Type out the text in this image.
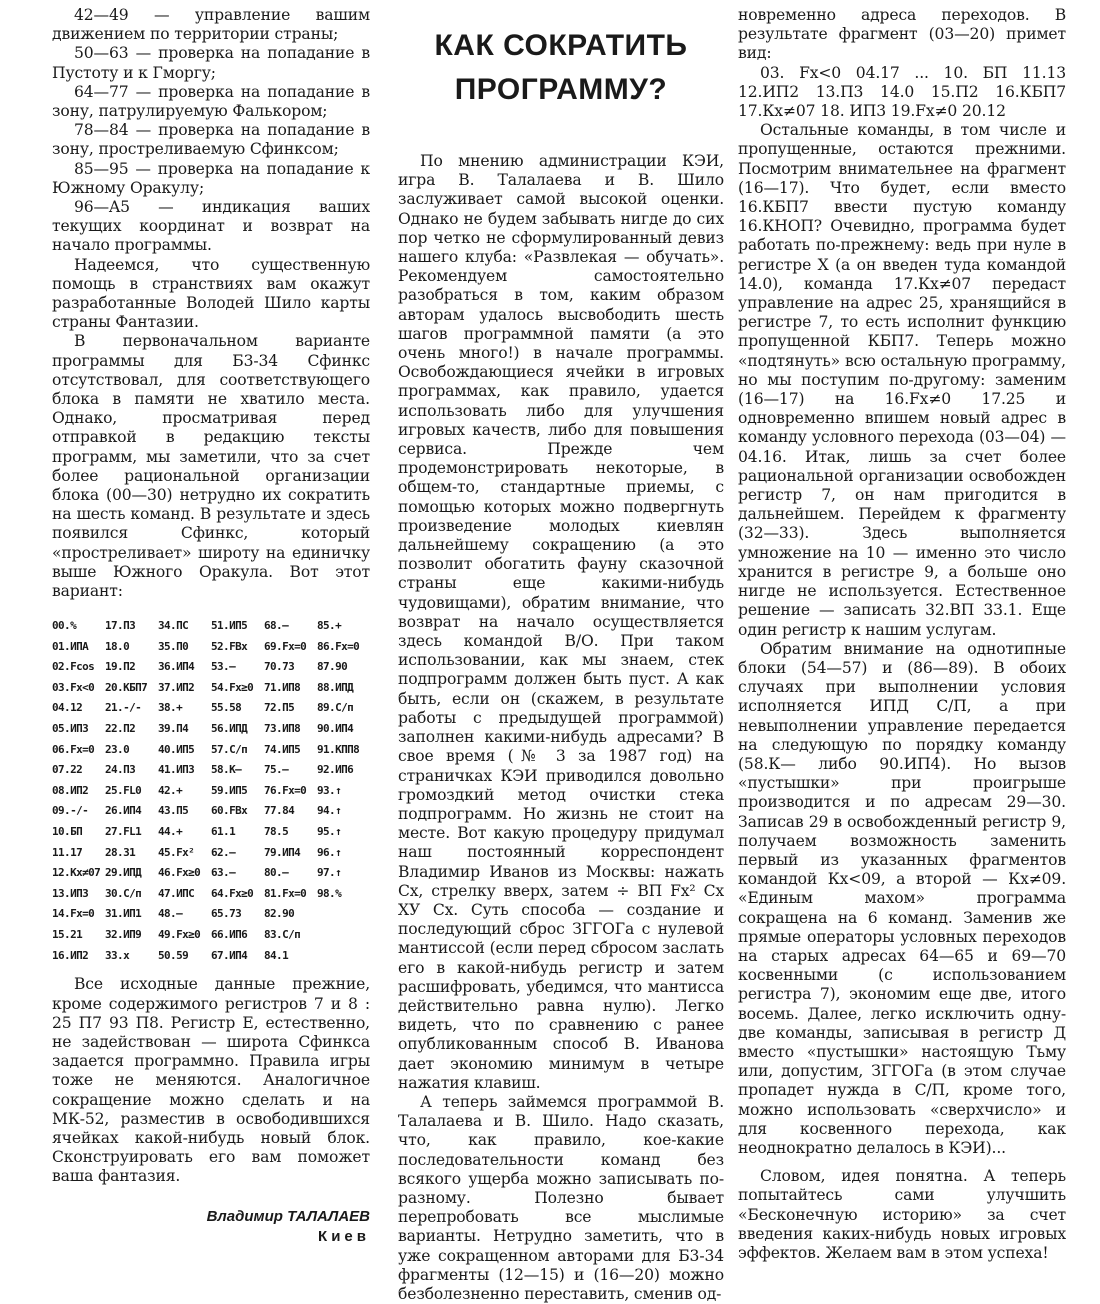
42—49 — управление вашим движением по территории страны;

50—63 — проверка на попадание в Пустоту и к Гморгу;

64—77 — проверка на попадание в зону, патрулируемую Фалькором;

78—84 — проверка на попадание в зону, простреливаемую Сфинксом;

85—95 — проверка на попадание к Южному Оракулу;

96—A5 — индикация ваших текущих координат и возврат на начало программы.

Надеемся, что существенную помощь в странствиях вам окажут разработанные Володей Шило карты страны Фантазии.

В первоначальном варианте программы для Б3-34 Сфинкс отсутствовал, для соответствующего блока в памяти не хватило места. Однако, просматривая перед отправкой в редакцию тексты программ, мы заметили, что за счет более рациональной организации блока (00—30) нетрудно их сократить на шесть команд. В результате и здесь появился Сфинкс, который «простреливает» широту на единичку выше Южного Оракула. Вот этот вариант:

00.%	17.П3	34.ПС	51.ИП5	68.—	85.+
01.ИПА	18.0	35.П0	52.FВх	69.Fx=0	86.Fx=0
02.Fcos	19.П2	36.ИП4	53.—	70.73	87.90
03.Fx<0	20.КБП7	37.ИП2	54.Fx≥0	71.ИП8	88.ИПД
04.12	21.-/-	38.+	55.58	72.П5	89.С/п
05.ИП3	22.П2	39.П4	56.ИПД	73.ИП8	90.ИП4
06.Fx=0	23.0	40.ИП5	57.С/п	74.ИП5	91.КПП8
07.22	24.П3	41.ИП3	58.К—	75.—	92.ИП6
08.ИП2	25.FL0	42.+	59.ИП5	76.Fx=0	93.↑
09.-/-	26.ИП4	43.П5	60.FВх	77.84	94.↑
10.БП	27.FL1	44.+	61.1	78.5	95.↑
11.17	28.31	45.Fx²	62.—	79.ИП4	96.↑
12.Кх≠07	29.ИПД	46.Fx≥0	63.—	80.—	97.↑
13.ИП3	30.С/п	47.ИПС	64.Fx≥0	81.Fx=0	98.%
14.Fx=0	31.ИП1	48.—	65.73	82.90	
15.21	32.ИП9	49.Fx≥0	66.ИП6	83.С/п	
16.ИП2	33.x	50.59	67.ИП4	84.1	

Все исходные данные прежние, кроме содержимого регистров 7 и 8 : 25 П7 93 П8. Регистр Е, естественно, не задействован — широта Сфинкса задается программно. Правила игры тоже не меняются. Аналогичное сокращение можно сделать и на МК-52, разместив в освободившихся ячейках какой-нибудь новый блок. Сконструировать его вам поможет ваша фантазия.

Владимир ТАЛАЛАЕВ
Киев
КАК СОКРАТИТЬ
ПРОГРАММУ?

По мнению администрации КЭИ, игра В. Талалаева и В. Шило заслуживает самой высокой оценки. Однако не будем забывать нигде до сих пор четко не сформулированный девиз нашего клуба: «Развлекая — обучать». Рекомендуем самостоятельно разобраться в том, каким образом авторам удалось высвободить шесть шагов программной памяти (а это очень много!) в начале программы. Освобождающиеся ячейки в игровых программах, как правило, удается использовать либо для улучшения игровых качеств, либо для повышения сервиса. Прежде чем продемонстрировать некоторые, в общем-то, стандартные приемы, с помощью которых можно подвергнуть произведение молодых киевлян дальнейшему сокращению (а это позволит обогатить фауну сказочной страны еще какими-нибудь чудовищами), обратим внимание, что возврат на начало осуществляется здесь командой В/О. При таком использовании, как мы знаем, стек подпрограмм должен быть пуст. А как быть, если он (скажем, в результате работы с предыдущей программой) заполнен какими-нибудь адресами? В свое время (№ 3 за 1987 год) на страничках КЭИ приводился довольно громоздкий метод очистки стека подпрограмм. Но жизнь не стоит на месте. Вот какую процедуру придумал наш постоянный корреспондент Владимир Иванов из Москвы: нажать Сх, стрелку вверх, затем ÷ ВП Fx² Сх ХУ Сх. Суть способа — создание и последующий сброс ЗГГОГа с нулевой мантиссой (если перед сбросом заслать его в какой-нибудь регистр и затем расшифровать, убедимся, что мантисса действительно равна нулю). Легко видеть, что по сравнению с ранее опубликованным способ В. Иванова дает экономию минимум в четыре нажатия клавиш.

А теперь займемся программой В. Талалаева и В. Шило. Надо сказать, что, как правило, кое-какие последовательности команд без всякого ущерба можно записывать по-разному. Полезно бывает перепробовать все мыслимые варианты. Нетрудно заметить, что в уже сокращенном авторами для Б3-34 фрагменты (12—15) и (16—20) можно безболезненно переставить, сменив од-

новременно адреса переходов. В результате фрагмент (03—20) примет вид:

03. Fx<0 04.17 ... 10. БП 11.13 12.ИП2 13.П3 14.0 15.П2 16.КБП7 17.Кх≠07 18. ИП3 19.Fx≠0 20.12

Остальные команды, в том числе и пропущенные, остаются прежними. Посмотрим внимательнее на фрагмент (16—17). Что будет, если вместо 16.КБП7 ввести пустую команду 16.КНОП? Очевидно, программа будет работать по-прежнему: ведь при нуле в регистре Х (а он введен туда командой 14.0), команда 17.Кх≠07 передаст управление на адрес 25, хранящийся в регистре 7, то есть исполнит функцию пропущенной КБП7. Теперь можно «подтянуть» всю остальную программу, но мы поступим по-другому: заменим (16—17) на 16.Fx≠0 17.25 и одновременно впишем новый адрес в команду условного перехода (03—04) — 04.16. Итак, лишь за счет более рациональной организации освобожден регистр 7, он нам пригодится в дальнейшем. Перейдем к фрагменту (32—33). Здесь выполняется умножение на 10 — именно это число хранится в регистре 9, а больше оно нигде не используется. Естественное решение — записать 32.ВП 33.1. Еще один регистр к нашим услугам.

Обратим внимание на однотипные блоки (54—57) и (86—89). В обоих случаях при выполнении условия исполняется ИПД С/П, а при невыполнении управление передается на следующую по порядку команду (58.К— либо 90.ИП4). Но вызов «пустышки» при проигрыше производится и по адресам 29—30. Записав 29 в освобожденный регистр 9, получаем возможность заменить первый из указанных фрагментов командой Кх<09, а второй — Кх≠09. «Единым махом» программа сокращена на 6 команд. Заменив же прямые операторы условных переходов на старых адресах 64—65 и 69—70 косвенными (с использованием регистра 7), экономим еще две, итого восемь. Далее, легко исключить одну-две команды, записывая в регистр Д вместо «пустышки» настоящую Тьму или, допустим, ЗГГОГа (в этом случае пропадет нужда в С/П, кроме того, можно использовать «сверхчисло» и для косвенного перехода, как неоднократно делалось в КЭИ)...

Словом, идея понятна. А теперь попытайтесь сами улучшить «Бесконечную историю» за счет введения каких-нибудь новых игровых эффектов. Желаем вам в этом успеха!
